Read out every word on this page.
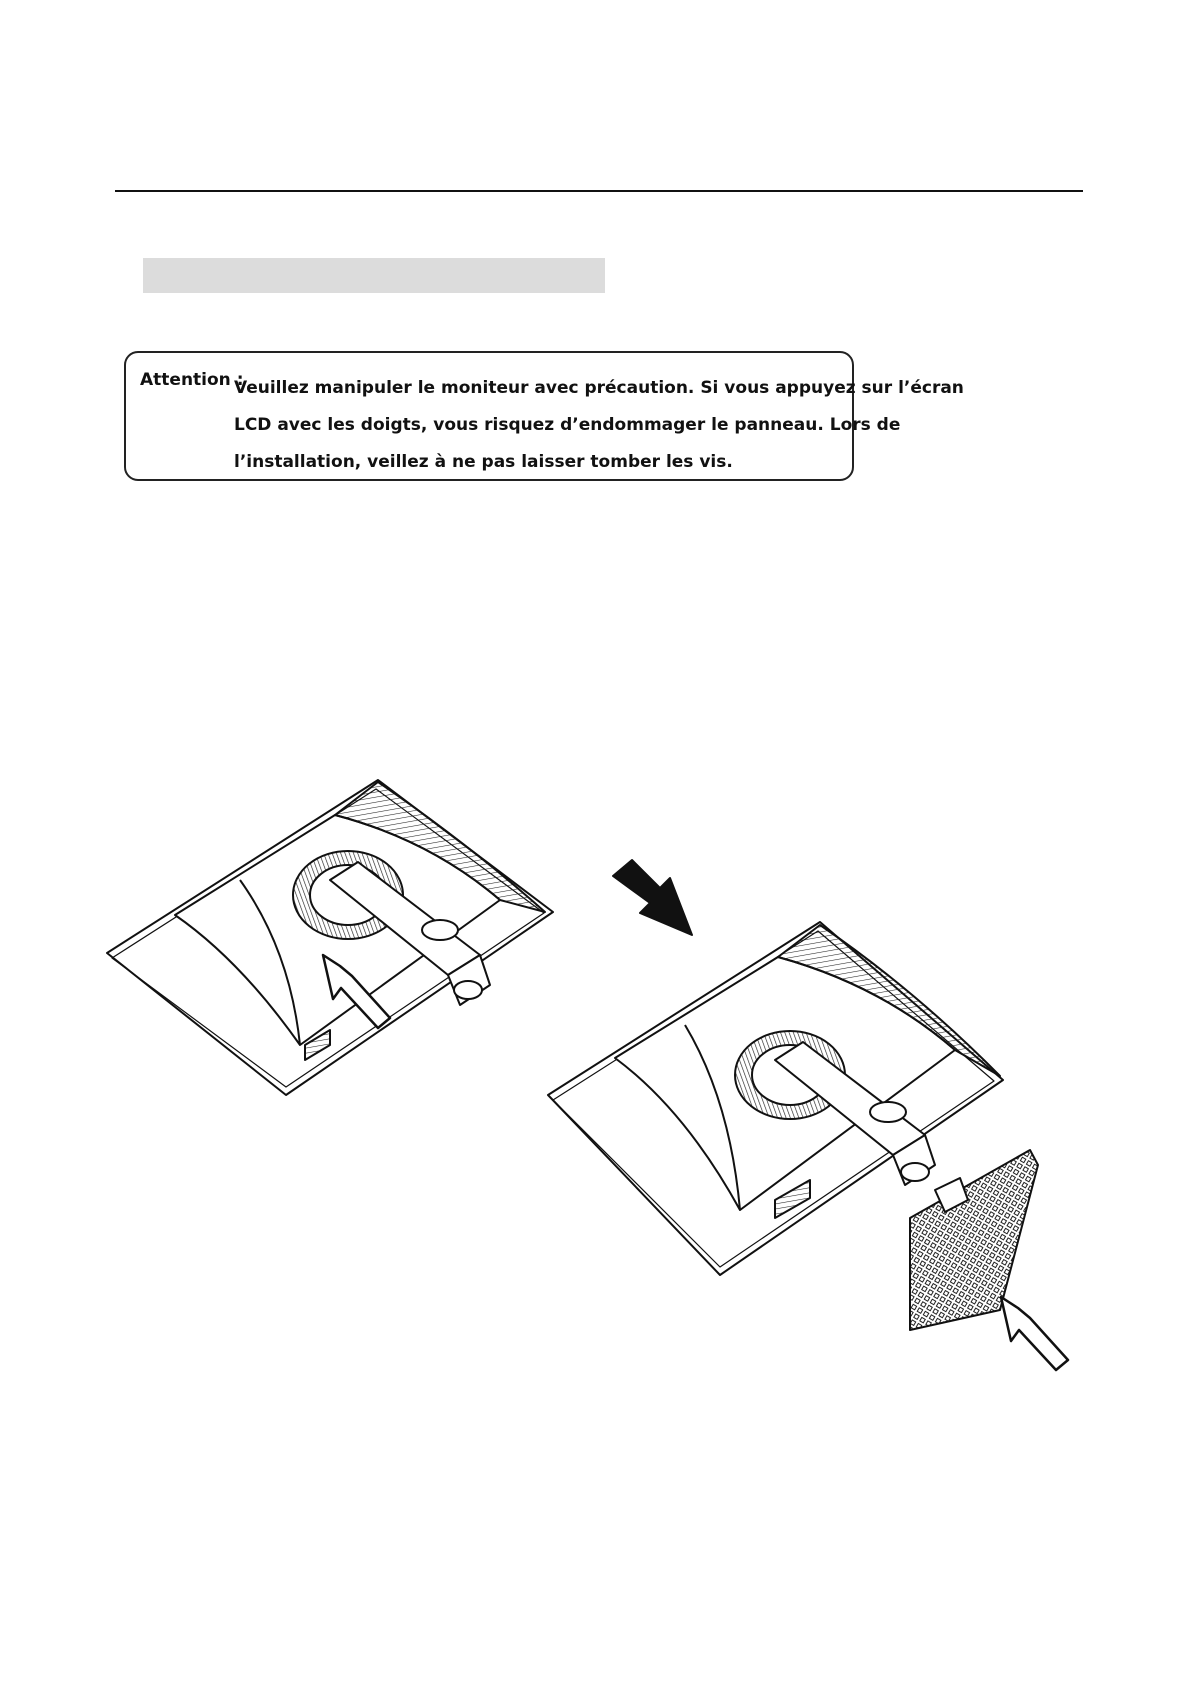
Attention :
Veuillez manipuler le moniteur avec précaution. Si vous appuyez sur l’écran
LCD avec les doigts, vous risquez d’endommager le panneau. Lors de
l’installation, veillez à ne pas laisser tomber les vis.
